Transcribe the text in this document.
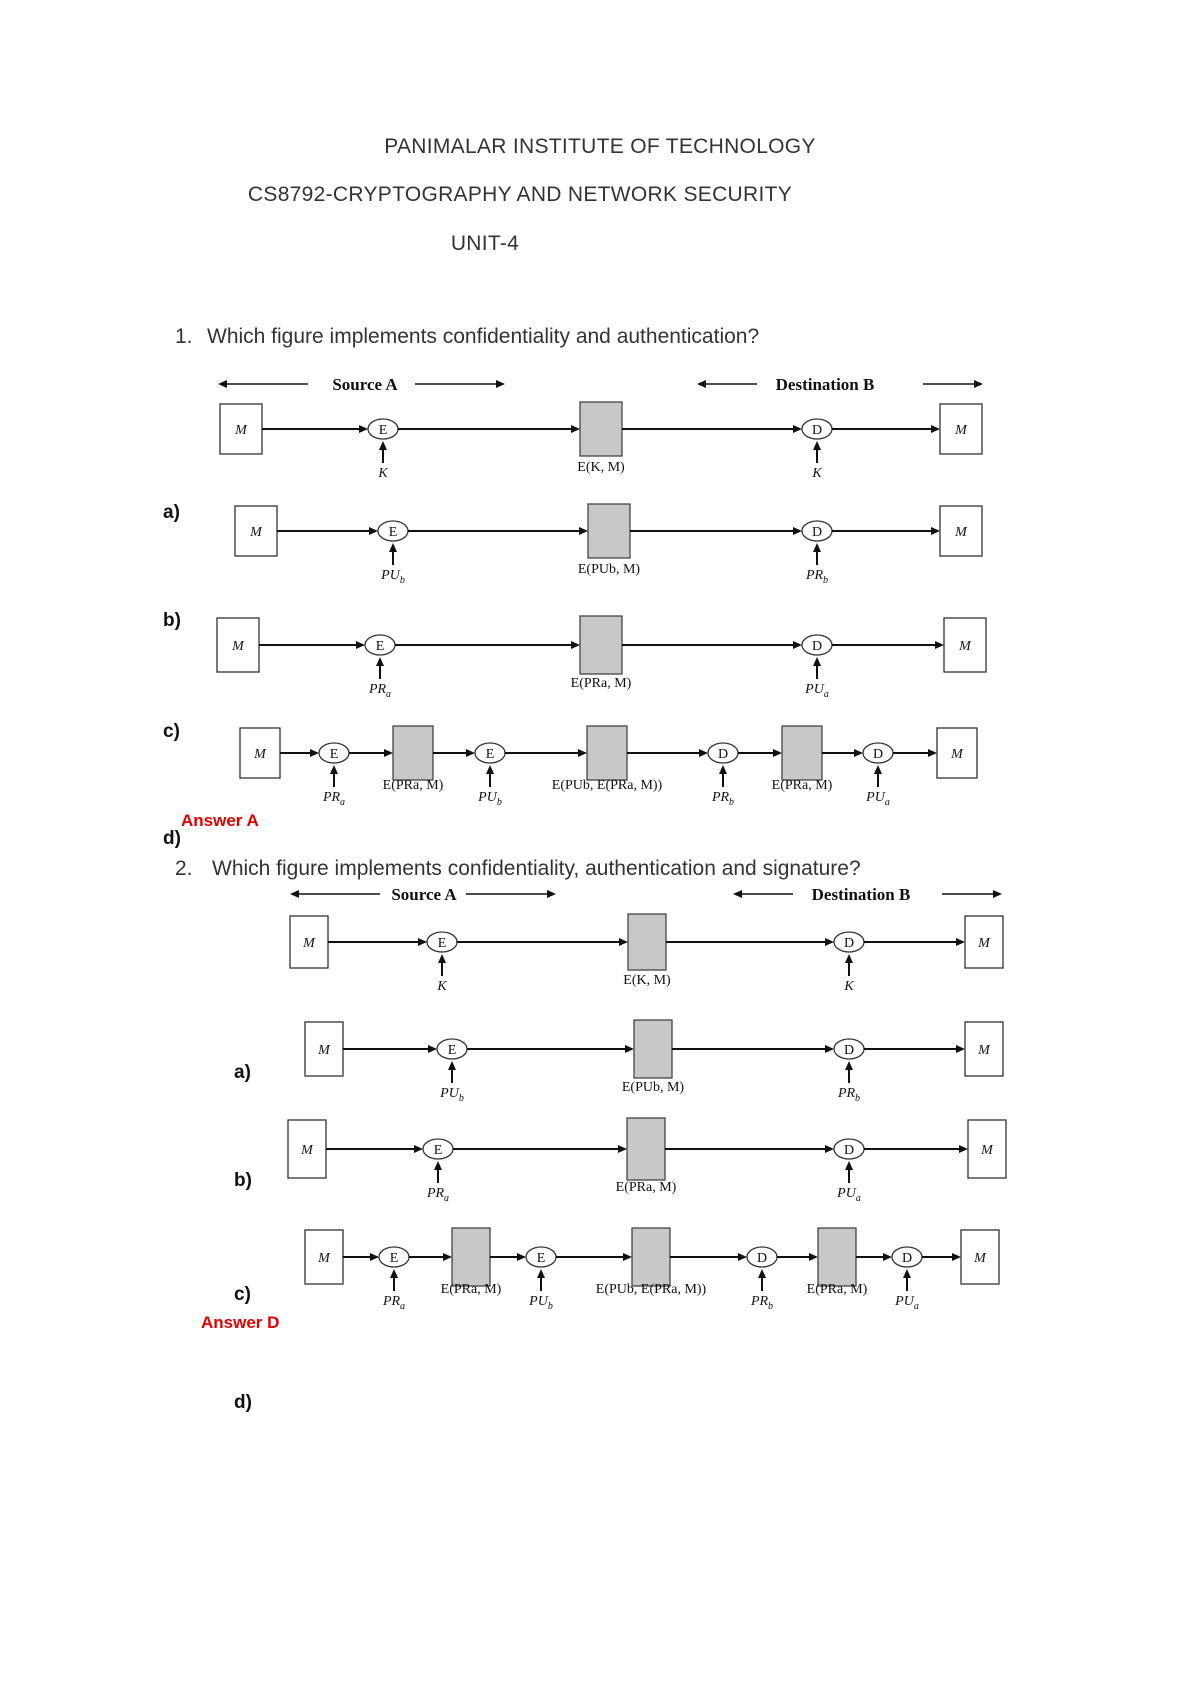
PANIMALAR INSTITUTE OF TECHNOLOGY
CS8792-CRYPTOGRAPHY AND NETWORK SECURITY
UNIT-4
1. Which figure implements confidentiality and authentication?
Source A	Destination B
M	E	D	M
K	K
E(K, M)
a)
M	E	D	M
$PU_b$	$PR_b$
E(PUb, M)
b)
M	E	D	M
$PR_a$	$PU_a$
E(PRa, M)
c)
M	E	E	D	D	M
$PR_a$	$PU_b$	$PR_b$	$PU_a$
E(PRa, M)	E(PUb, E(PRa, M))	E(PRa, M)
d)
Answer A
2. Which figure implements confidentiality, authentication and signature?
Source A	Destination B
M	E	D	M
K	K
E(K, M)
a)
M	E	D	M
$PU_b$	$PR_b$
E(PUb, M)
b)
M	E	D	M
$PR_a$	$PU_a$
E(PRa, M)
c)
M	E	E	D	D	M
$PR_a$	$PU_b$	$PR_b$	$PU_a$
E(PRa, M)	E(PUb, E(PRa, M))	E(PRa, M)
d)
Answer D
